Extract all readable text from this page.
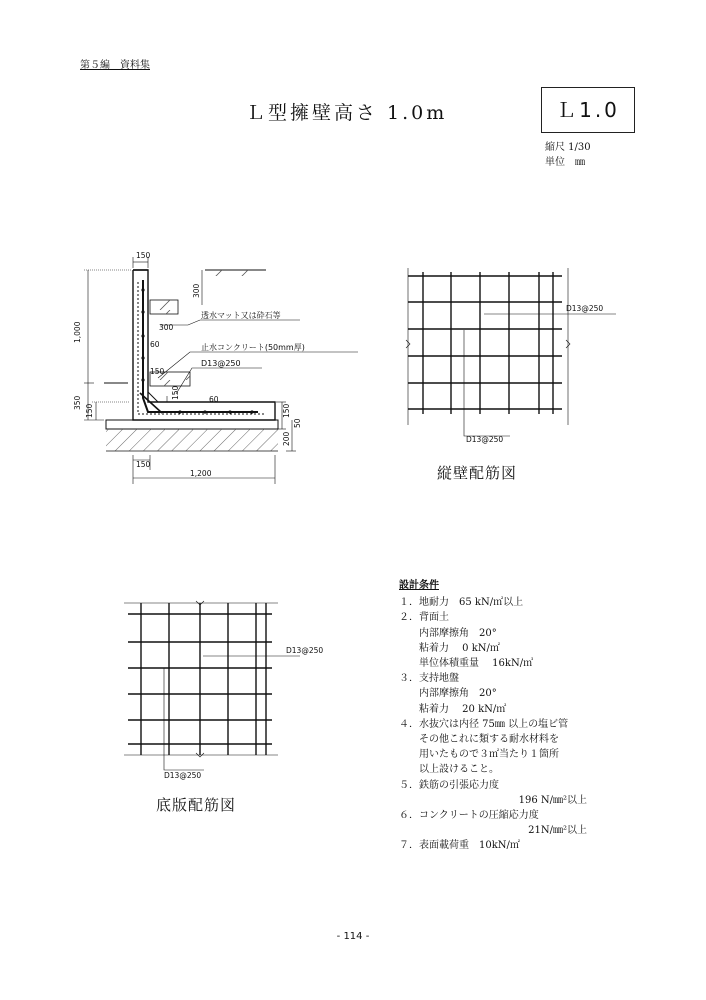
第５編　資料集
Ｌ型擁壁高さ 1.0m	Ｌ1.0
縮尺 1/30
単位　㎜
150
1,000
350
150
300
300
60
150
150	60
150
50
200
150
1,200
透水マット又は砕石等
止水コンクリート(50mm厚)
D13@250
D13@250
D13@250
縦壁配筋図
D13@250
D13@250
底版配筋図
設計条件
１．地耐力　65 kN/㎡以上
２．背面土
　　内部摩擦角　20°
　　粘着力　 0 kN/㎡
　　単位体積重量　 16kN/㎥
３．支持地盤
　　内部摩擦角　20°
　　粘着力　 20 kN/㎡
４．水抜穴は内径 75㎜ 以上の塩ビ管
　　その他これに類する耐水材料を
　　用いたもので３㎡当たり１箇所
　　以上設けること。
５．鉄筋の引張応力度
196 N/㎜²以上
６．コンクリートの圧縮応力度
21N/㎜²以上
７．表面載荷重　10kN/㎡
- 114 -
